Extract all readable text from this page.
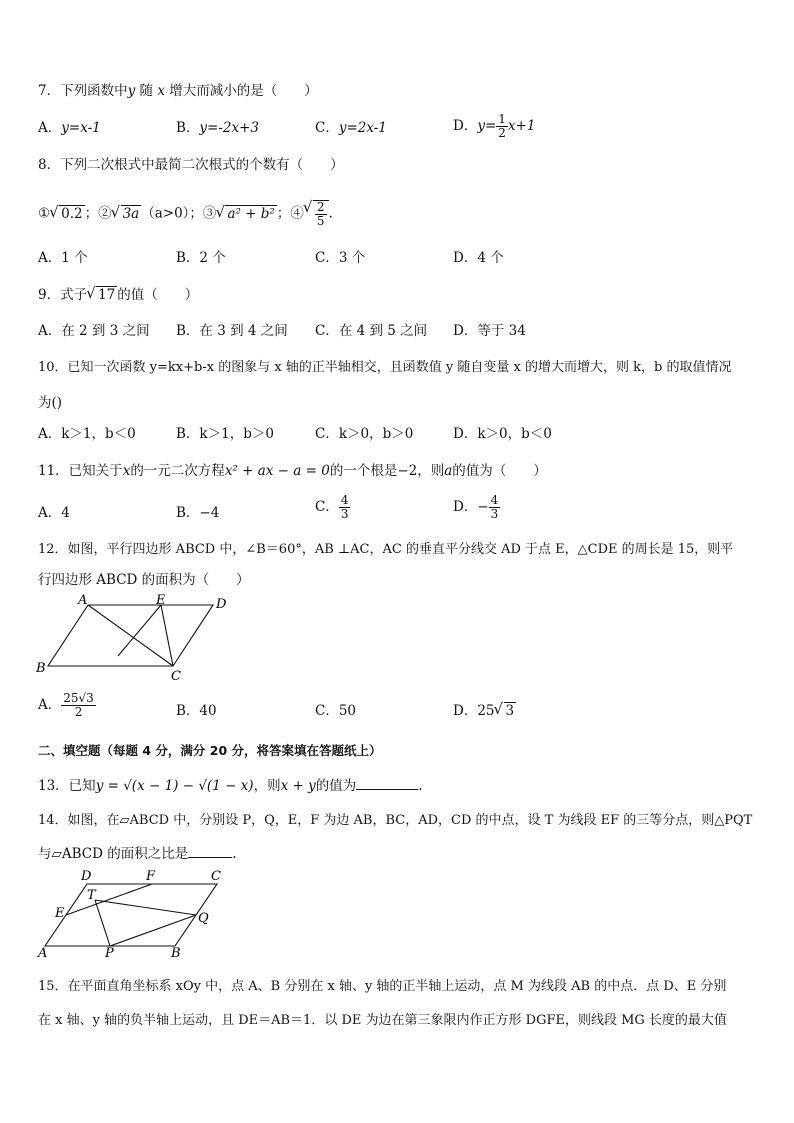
7．下列函数中y 随 x 增大而减小的是（　　）
A．y=x-1	B．y=-2x+3	C．y=2x-1	D．$y= \frac{1}{2} x+1$
8．下列二次根式中最简二次根式的个数有（　　）
① √ 0.2 ；② √ 3a （a>0）；③ √ a² + b² ；④ √ $\frac{2}{5}$ .
A．1 个	B．2 个	C．3 个	D．4 个
9．式子 √ 17 的值（　　）
A．在 2 到 3 之间 B．在 3 到 4 之间 C．在 4 到 5 之间 D．等于 34
10．已知一次函数 y=kx+b-x 的图象与 x 轴的正半轴相交，且函数值 y 随自变量 x 的增大而增大，则 k，b 的取值情况
为()
A．k＞1，b＜0	B．k＞1，b＞0	C．k＞0，b＞0	D．k＞0，b＜0
11．已知关于x的一元二次方程x² + ax − a = 0的一个根是−2，则a的值为（　　）
A．4	B．−4	C． $\frac{4}{3}$	D．− $\frac{4}{3}$
12．如图，平行四边形 ABCD 中，∠B＝60°，AB ⊥AC，AC 的垂直平分线交 AD 于点 E，△CDE 的周长是 15，则平
行四边形 ABCD 的面积为（　　）
A	E	D
B
C
A． $\frac{25√3}{2}$	B．40	C．50	D．25 √ 3
二、填空题（每题 4 分，满分 20 分，将答案填在答题纸上）
13．已知y = √(x − 1) − √(1 − x)，则x + y的值为	.
14．如图，在▱ABCD 中，分别设 P，Q，E，F 为边 AB，BC，AD，CD 的中点，设 T 为线段 EF 的三等分点，则△PQT
与▱ABCD 的面积之比是	.
D	F	C
T
E	Q
A	P	B
15．在平面直角坐标系 xOy 中，点 A、B 分别在 x 轴、y 轴的正半轴上运动，点 M 为线段 AB 的中点．点 D、E 分别
在 x 轴、y 轴的负半轴上运动，且 DE＝AB＝1．以 DE 为边在第三象限内作正方形 DGFE，则线段 MG 长度的最大值
